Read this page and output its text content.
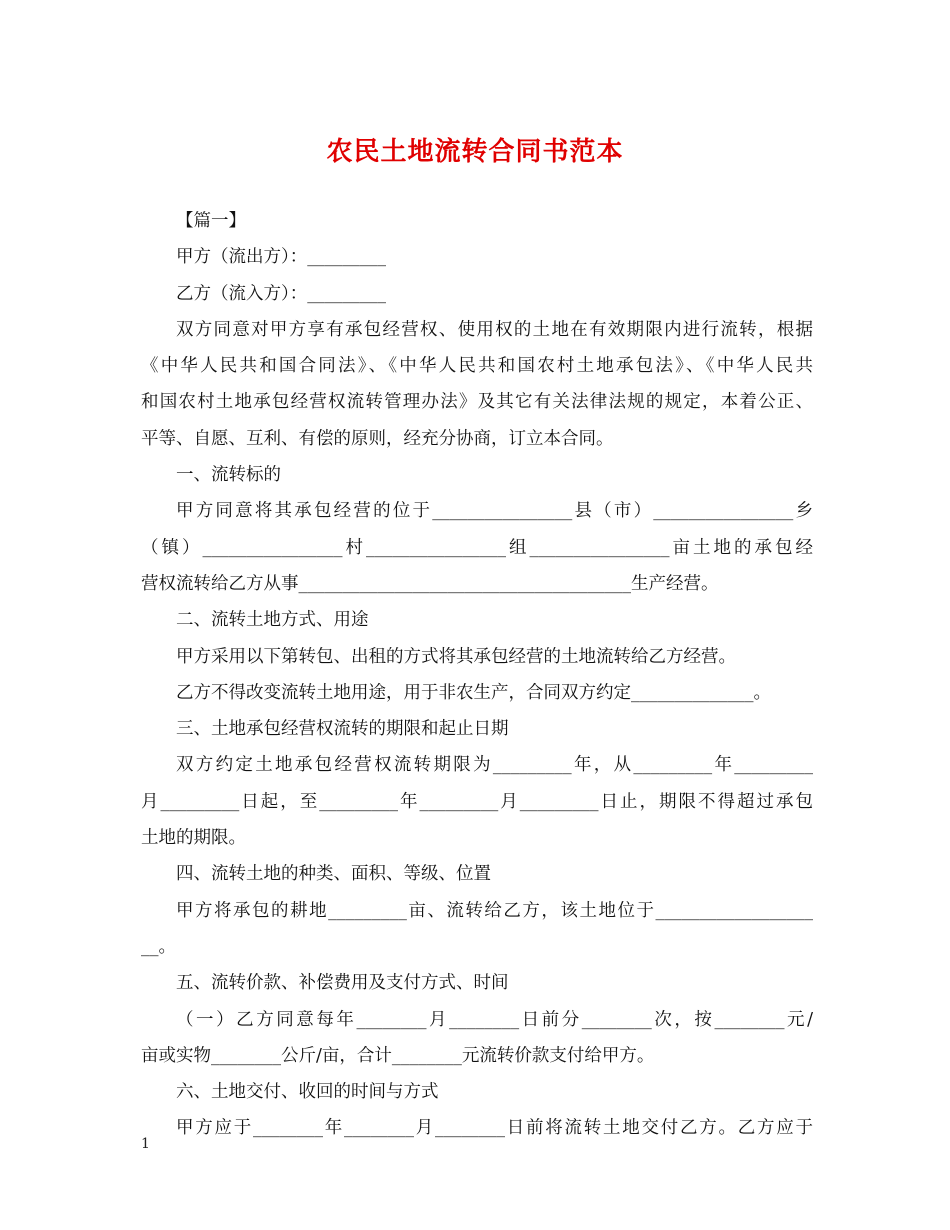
农民土地流转合同书范本
【篇一】
甲方（流出方）：_________
乙方（流入方）：_________
双方同意对甲方享有承包经营权、使用权的土地在有效期限内进行流转，根据
《中华人民共和国合同法》、《中华人民共和国农村土地承包法》、《中华人民共
和国农村土地承包经营权流转管理办法》及其它有关法律法规的规定，本着公正、
平等、自愿、互利、有偿的原则，经充分协商，订立本合同。
一、流转标的
甲方同意将其承包经营的位于________________县（市）________________乡
（镇）________________村________________组________________亩土地的承包经
营权流转给乙方从事______________________________________生产经营。
二、流转土地方式、用途
甲方采用以下第转包、出租的方式将其承包经营的土地流转给乙方经营。
乙方不得改变流转土地用途，用于非农生产，合同双方约定______________。
三、土地承包经营权流转的期限和起止日期
双方约定土地承包经营权流转期限为_________年，从_________年_________
月_________日起，至_________年_________月_________日止，期限不得超过承包
土地的期限。
四、流转土地的种类、面积、等级、位置
甲方将承包的耕地_________亩、流转给乙方，该土地位于__________________
__。
五、流转价款、补偿费用及支付方式、时间
（一）乙方同意每年________月________日前分________次，按________元/
亩或实物________公斤/亩，合计________元流转价款支付给甲方。
六、土地交付、收回的时间与方式
甲方应于________年________月________日前将流转土地交付乙方。乙方应于
1
